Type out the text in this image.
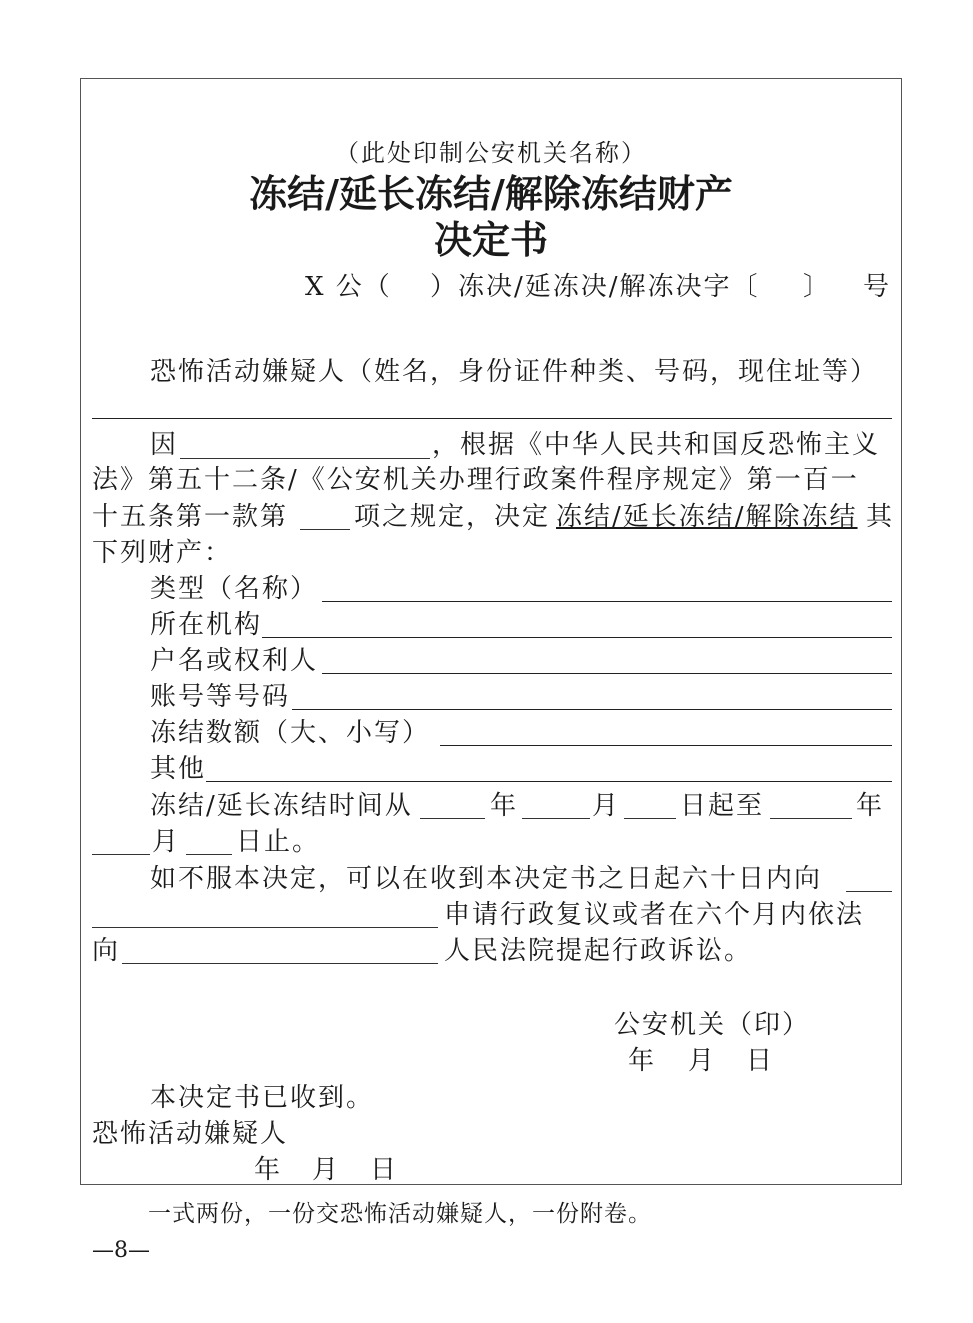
（此处印制公安机关名称）
冻结/延长冻结/解除冻结财产
决定书
X 公（ ）冻决/延冻决/解冻决字〔 〕 号
恐怖活动嫌疑人（姓名，身份证件种类、号码，现住址等）
因	，根据《中华人民共和国反恐怖主义
法》第五十二条/《公安机关办理行政案件程序规定》第一百一
十五条第一款第	项之规定，决定 冻结/延长冻结/解除冻结 其
下列财产：
类型（名称）
所在机构
户名或权利人
账号等号码
冻结数额（大、小写）
其他
冻结/延长冻结时间从	年	月 日起至	年
月 日止。
如不服本决定，可以在收到本决定书之日起六十日内向
申请行政复议或者在六个月内依法
向	人民法院提起行政诉讼。
公安机关（印）
年 月 日
本决定书已收到。
恐怖活动嫌疑人
年 月 日
一式两份，一份交恐怖活动嫌疑人，一份附卷。
—8—
